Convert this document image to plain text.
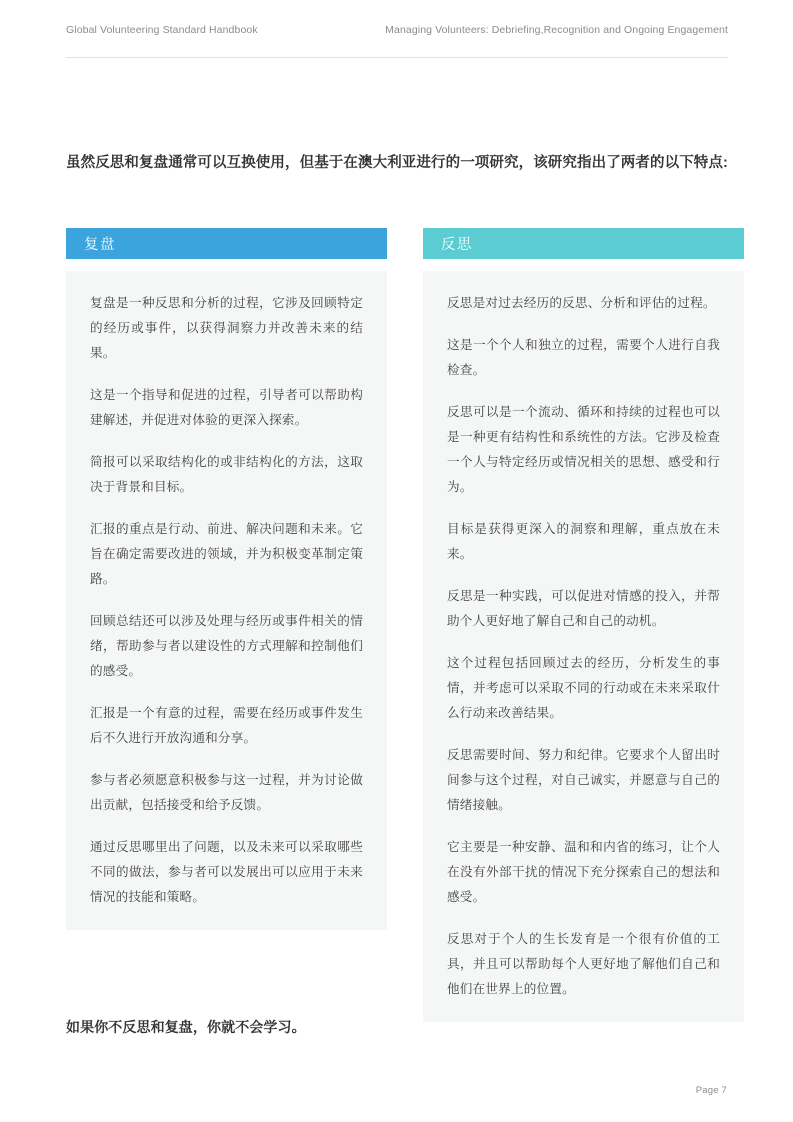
Global Volunteering Standard Handbook	Managing Volunteers: Debriefing,Recognition and Ongoing Engagement
虽然反思和复盘通常可以互换使用，但基于在澳大利亚进行的一项研究，该研究指出了两者的以下特点:
复盘

复盘是一种反思和分析的过程，它涉及回顾特定的经历或事件，以获得洞察力并改善未来的结果。

这是一个指导和促进的过程，引导者可以帮助构建解述，并促进对体验的更深入探索。

简报可以采取结构化的或非结构化的方法，这取决于背景和目标。

汇报的重点是行动、前进、解决问题和未来。它旨在确定需要改进的领域，并为积极变革制定策路。

回顾总结还可以涉及处理与经历或事件相关的情绪，帮助参与者以建设性的方式理解和控制他们的感受。

汇报是一个有意的过程，需要在经历或事件发生后不久进行开放沟通和分享。

参与者必须愿意积极参与这一过程，并为讨论做出贡献，包括接受和给予反馈。

通过反思哪里出了问题，以及未来可以采取哪些不同的做法，参与者可以发展出可以应用于未来情况的技能和策略。

反思

反思是对过去经历的反思、分析和评估的过程。

这是一个个人和独立的过程，需要个人进行自我检查。

反思可以是一个流动、循环和持续的过程也可以是一种更有结构性和系统性的方法。它涉及检查一个人与特定经历或情况相关的思想、感受和行为。

目标是获得更深入的洞察和理解，重点放在未来。

反思是一种实践，可以促进对情感的投入，并帮助个人更好地了解自己和自己的动机。

这个过程包括回顾过去的经历，分析发生的事情，并考虑可以采取不同的行动或在未来采取什么行动来改善结果。

反思需要时间、努力和纪律。它要求个人留出时间参与这个过程，对自己诚实，并愿意与自己的情绪接触。

它主要是一种安静、温和和内省的练习，让个人在没有外部干扰的情况下充分探索自己的想法和感受。

反思对于个人的生长发育是一个很有价值的工具，并且可以帮助每个人更好地了解他们自己和他们在世界上的位置。

如果你不反思和复盘，你就不会学习。
Page 7
